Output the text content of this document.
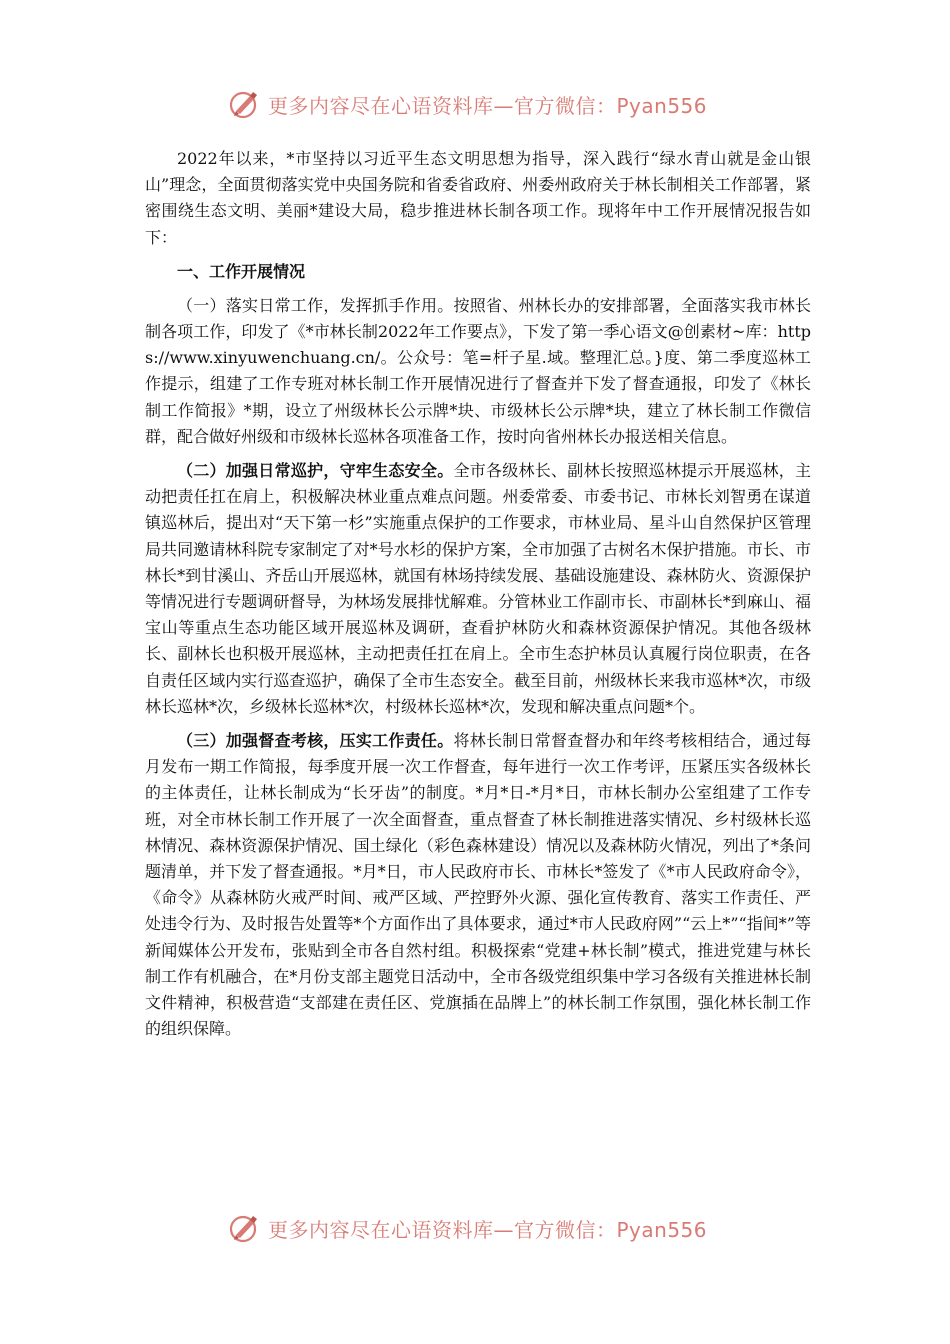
更多内容尽在心语资料库—官方微信：Pyan556

2022年以来，*市坚持以习近平生态文明思想为指导，深入践行“绿水青山就是金山银山”理念，全面贯彻落实党中央国务院和省委省政府、州委州政府关于林长制相关工作部署，紧密围绕生态文明、美丽*建设大局，稳步推进林长制各项工作。现将年中工作开展情况报告如下：

一、工作开展情况

（一）落实日常工作，发挥抓手作用。按照省、州林长办的安排部署，全面落实我市林长制各项工作，印发了《*市林长制2022年工作要点》，下发了第一季心语文@创素材~库：https://www.xinyuwenchuang.cn/。公众号：笔=杆子星.域。整理汇总。}度、第二季度巡林工作提示，组建了工作专班对林长制工作开展情况进行了督查并下发了督查通报，印发了《林长制工作简报》*期，设立了州级林长公示牌*块、市级林长公示牌*块，建立了林长制工作微信群，配合做好州级和市级林长巡林各项准备工作，按时向省州林长办报送相关信息。

（二）加强日常巡护，守牢生态安全。全市各级林长、副林长按照巡林提示开展巡林，主动把责任扛在肩上，积极解决林业重点难点问题。州委常委、市委书记、市林长刘智勇在谋道镇巡林后，提出对“天下第一杉”实施重点保护的工作要求，市林业局、星斗山自然保护区管理局共同邀请林科院专家制定了对*号水杉的保护方案，全市加强了古树名木保护措施。市长、市林长*到甘溪山、齐岳山开展巡林，就国有林场持续发展、基础设施建设、森林防火、资源保护等情况进行专题调研督导，为林场发展排忧解难。分管林业工作副市长、市副林长*到麻山、福宝山等重点生态功能区域开展巡林及调研，查看护林防火和森林资源保护情况。其他各级林长、副林长也积极开展巡林，主动把责任扛在肩上。全市生态护林员认真履行岗位职责，在各自责任区域内实行巡查巡护，确保了全市生态安全。截至目前，州级林长来我市巡林*次，市级林长巡林*次，乡级林长巡林*次，村级林长巡林*次，发现和解决重点问题*个。

（三）加强督查考核，压实工作责任。将林长制日常督查督办和年终考核相结合，通过每月发布一期工作简报，每季度开展一次工作督查，每年进行一次工作考评，压紧压实各级林长的主体责任，让林长制成为“长牙齿”的制度。*月*日-*月*日，市林长制办公室组建了工作专班，对全市林长制工作开展了一次全面督查，重点督查了林长制推进落实情况、乡村级林长巡林情况、森林资源保护情况、国土绿化（彩色森林建设）情况以及森林防火情况，列出了*条问题清单，并下发了督查通报。*月*日，市人民政府市长、市林长*签发了《*市人民政府命令》，《命令》从森林防火戒严时间、戒严区域、严控野外火源、强化宣传教育、落实工作责任、严处违令行为、及时报告处置等*个方面作出了具体要求，通过*市人民政府网”“云上*”“指间*”等新闻媒体公开发布，张贴到全市各自然村组。积极探索“党建+林长制”模式，推进党建与林长制工作有机融合，在*月份支部主题党日活动中，全市各级党组织集中学习各级有关推进林长制文件精神，积极营造“支部建在责任区、党旗插在品牌上”的林长制工作氛围，强化林长制工作的组织保障。

更多内容尽在心语资料库—官方微信：Pyan556
